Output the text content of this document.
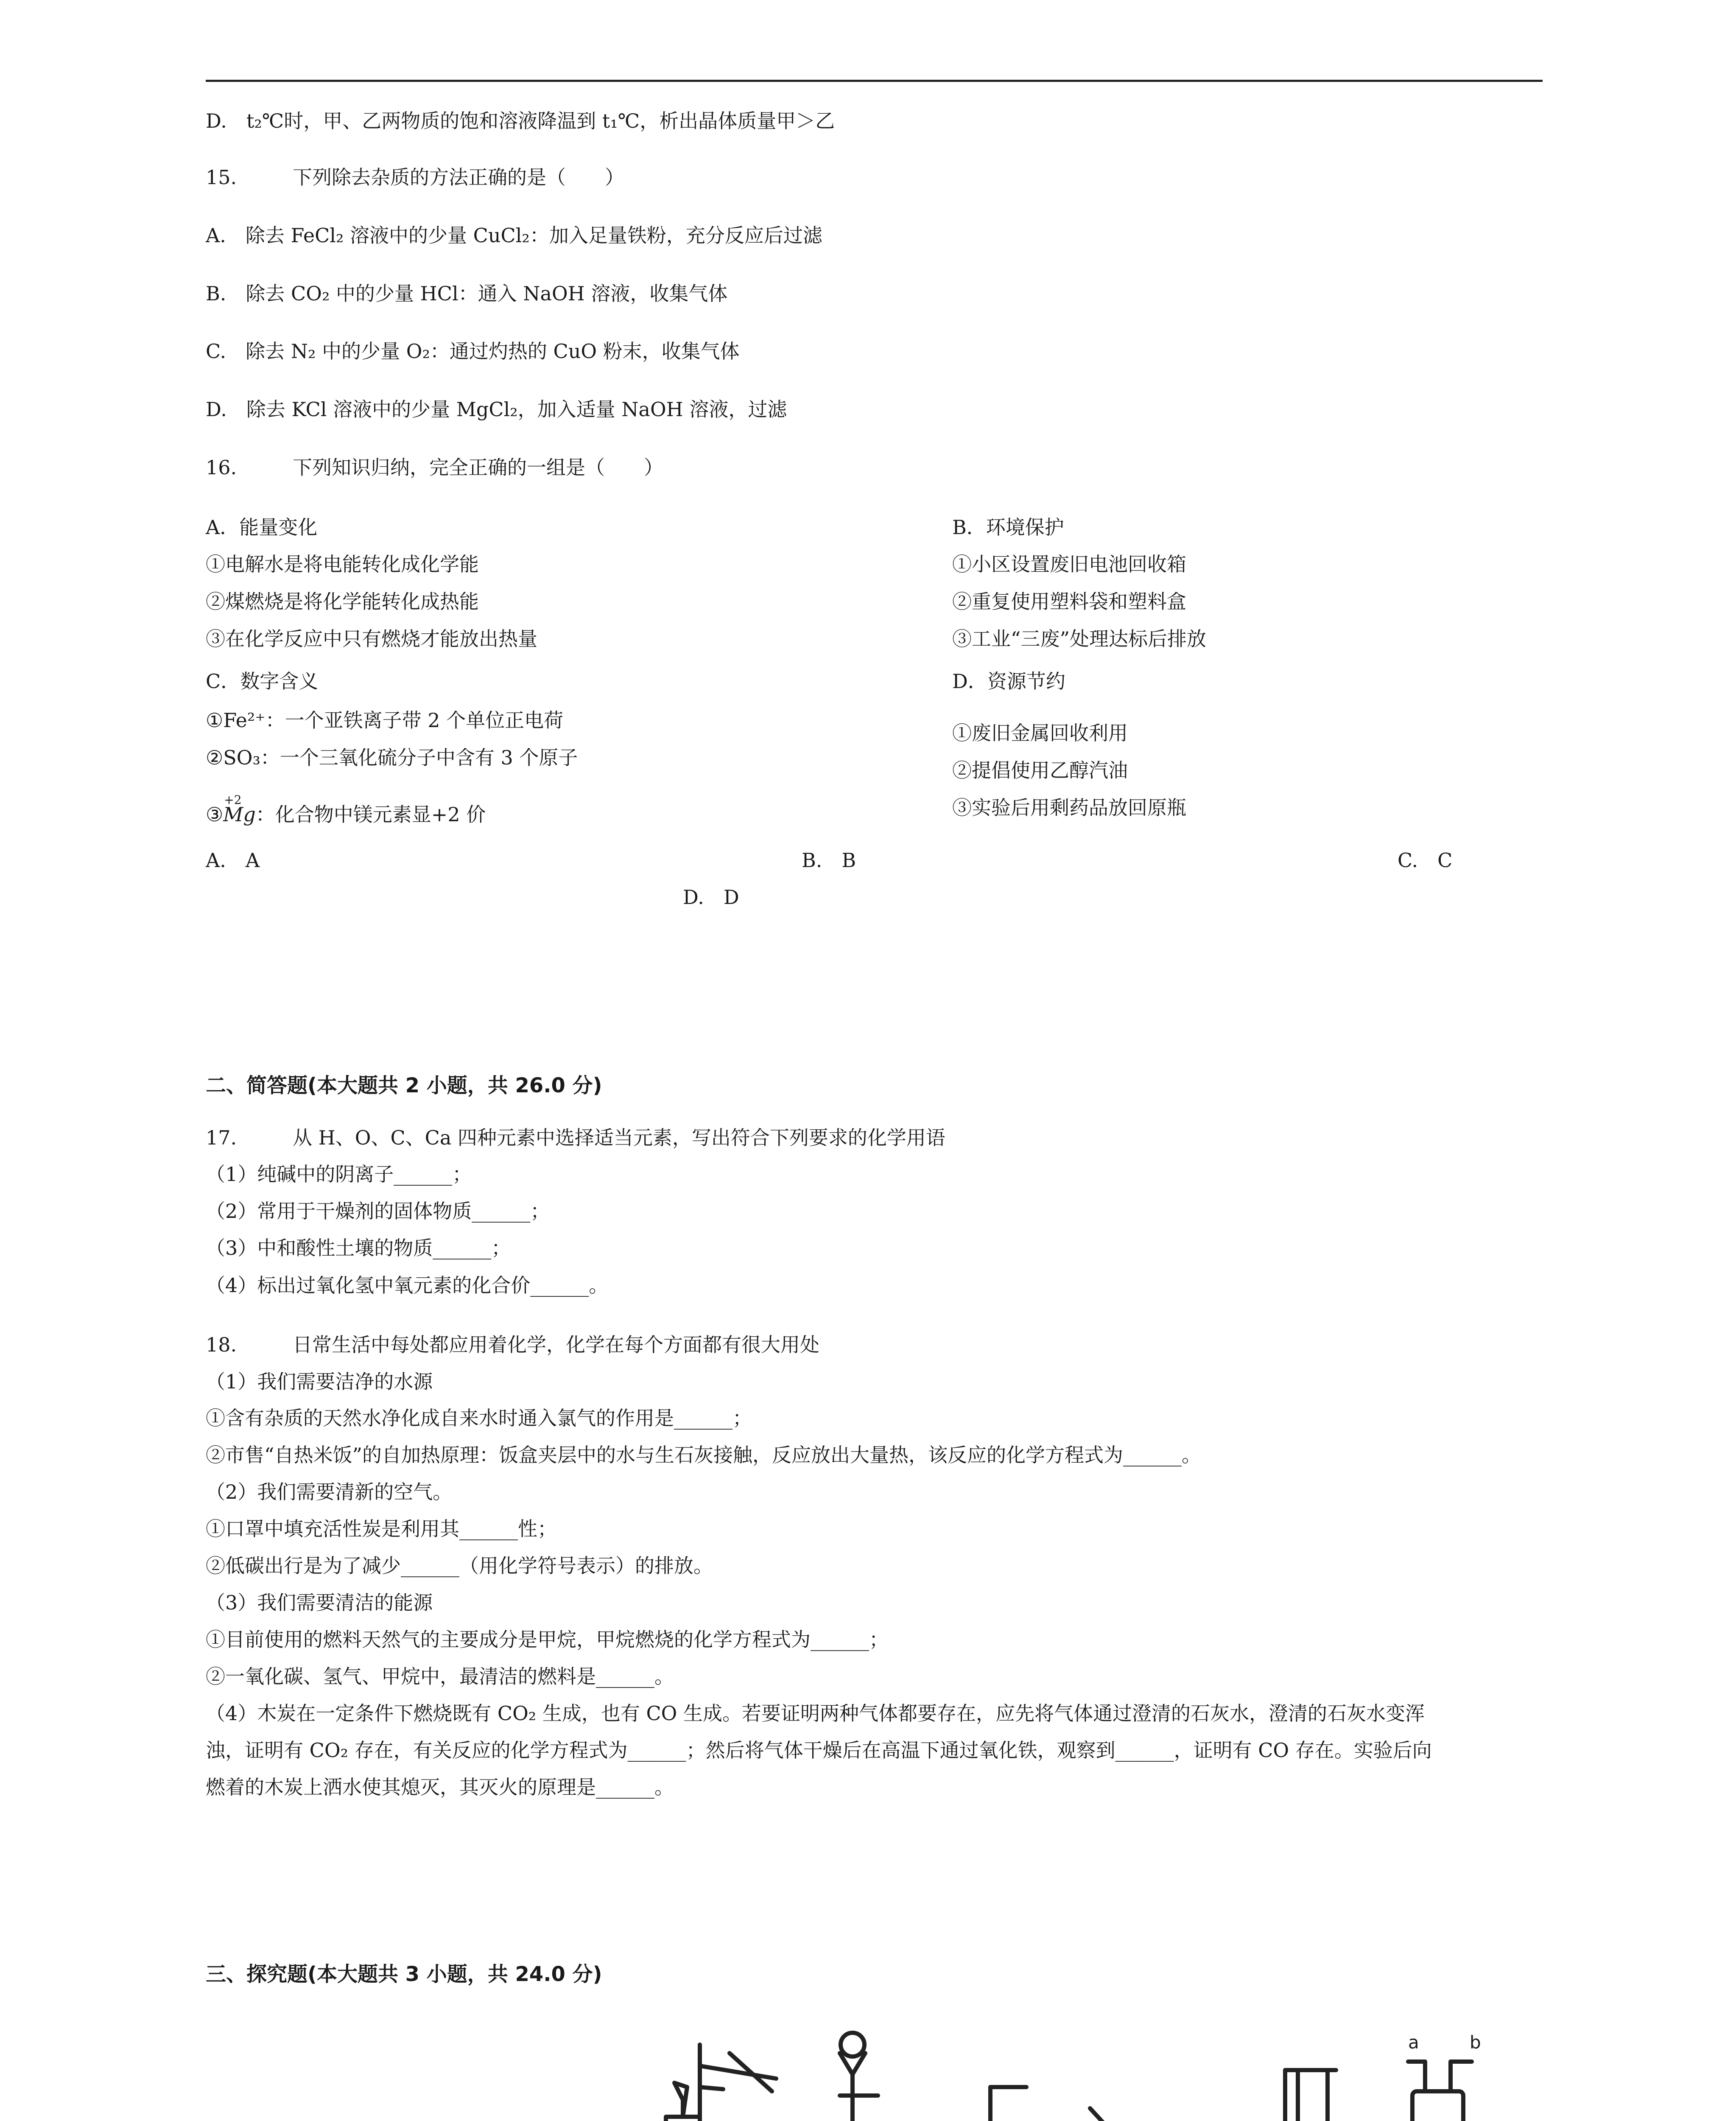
D.　t₂℃时，甲、乙两物质的饱和溶液降温到 t₁℃，析出晶体质量甲＞乙
15.	下列除去杂质的方法正确的是（　　）
A.　除去 FeCl₂ 溶液中的少量 CuCl₂：加入足量铁粉，充分反应后过滤
B.　除去 CO₂ 中的少量 HCl：通入 NaOH 溶液，收集气体
C.　除去 N₂ 中的少量 O₂：通过灼热的 CuO 粉末，收集气体
D.　除去 KCl 溶液中的少量 MgCl₂，加入适量 NaOH 溶液，过滤
16.	下列知识归纳，完全正确的一组是（　　）
A．能量变化
①电解水是将电能转化成化学能
②煤燃烧是将化学能转化成热能
③在化学反应中只有燃烧才能放出热量
B．环境保护
①小区设置废旧电池回收箱
②重复使用塑料袋和塑料盒
③工业“三废”处理达标后排放
C．数字含义
①Fe²⁺：一个亚铁离子带 2 个单位正电荷
②SO₃：一个三氧化硫分子中含有 3 个原子
③
+2
Mg：化合物中镁元素显+2 价
D．资源节约
①废旧金属回收利用
②提倡使用乙醇汽油
③实验后用剩药品放回原瓶
A.　A	B.　B	C.　C
D.　D
二、简答题(本大题共 2 小题，共 26.0 分)
17.	从 H、O、C、Ca 四种元素中选择适当元素，写出符合下列要求的化学用语
（1）纯碱中的阴离子______；
（2）常用于干燥剂的固体物质______；
（3）中和酸性土壤的物质______；
（4）标出过氧化氢中氧元素的化合价______。
18.	日常生活中每处都应用着化学，化学在每个方面都有很大用处
（1）我们需要洁净的水源
①含有杂质的天然水净化成自来水时通入氯气的作用是______；
②市售“自热米饭”的自加热原理：饭盒夹层中的水与生石灰接触，反应放出大量热，该反应的化学方程式为______。
（2）我们需要清新的空气。
①口罩中填充活性炭是利用其______性；
②低碳出行是为了减少______（用化学符号表示）的排放。
（3）我们需要清洁的能源
①目前使用的燃料天然气的主要成分是甲烷，甲烷燃烧的化学方程式为______；
②一氧化碳、氢气、甲烷中，最清洁的燃料是______。
（4）木炭在一定条件下燃烧既有 CO₂ 生成，也有 CO 生成。若要证明两种气体都要存在，应先将气体通过澄清的石灰水，澄清的石灰水变浑
浊，证明有 CO₂ 存在，有关反应的化学方程式为______；然后将气体干燥后在高温下通过氧化铁，观察到______，证明有 CO 存在。实验后向
燃着的木炭上洒水使其熄灭，其灭火的原理是______。
三、探究题(本大题共 3 小题，共 24.0 分)
a	b
